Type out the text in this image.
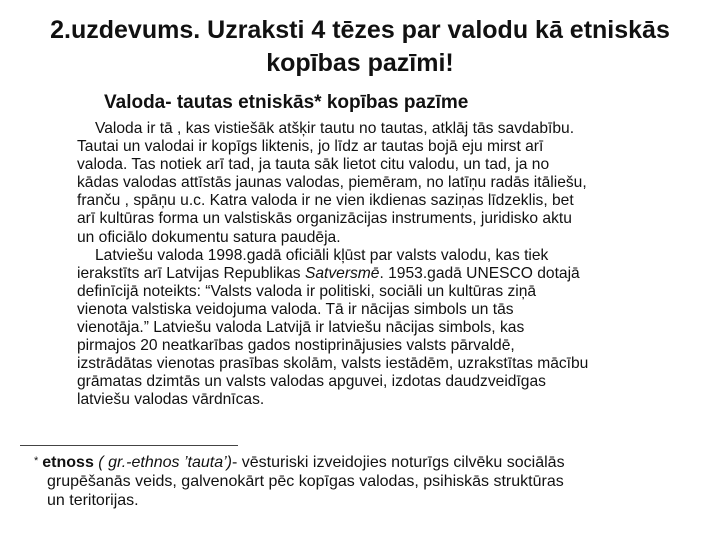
2.uzdevums. Uzraksti 4 tēzes par valodu kā etniskās
kopības pazīmi!
Valoda- tautas etniskās* kopības pazīme

Valoda ir tā , kas vistiešāk atšķir tautu no tautas, atklāj tās savdabību.
Tautai un valodai ir kopīgs liktenis, jo līdz ar tautas bojā eju mirst arī
valoda. Tas notiek arī tad, ja tauta sāk lietot citu valodu, un tad, ja no
kādas valodas attīstās jaunas valodas, piemēram, no latīņu radās itāliešu,
franču , spāņu u.c. Katra valoda ir ne vien ikdienas saziņas līdzeklis, bet
arī kultūras forma un valstiskās organizācijas instruments, juridisko aktu
un oficiālo dokumentu satura paudēja.

Latviešu valoda 1998.gadā oficiāli kļūst par valsts valodu, kas tiek
ierakstīts arī Latvijas Republikas Satversmē. 1953.gadā UNESCO dotajā
definīcijā noteikts: “Valsts valoda ir politiski, sociāli un kultūras ziņā
vienota valstiska veidojuma valoda. Tā ir nācijas simbols un tās
vienotāja.” Latviešu valoda Latvijā ir latviešu nācijas simbols, kas
pirmajos 20 neatkarības gados nostiprinājusies valsts pārvaldē,
izstrādātas vienotas prasības skolām, valsts iestādēm, uzrakstītas mācību
grāmatas dzimtās un valsts valodas apguvei, izdotas daudzveidīgas
latviešu valodas vārdnīcas.

* etnoss ( gr.-ethnos ’tauta’)- vēsturiski izveidojies noturīgs cilvēku sociālās
grupēšanās veids, galvenokārt pēc kopīgas valodas, psihiskās struktūras
un teritorijas.
